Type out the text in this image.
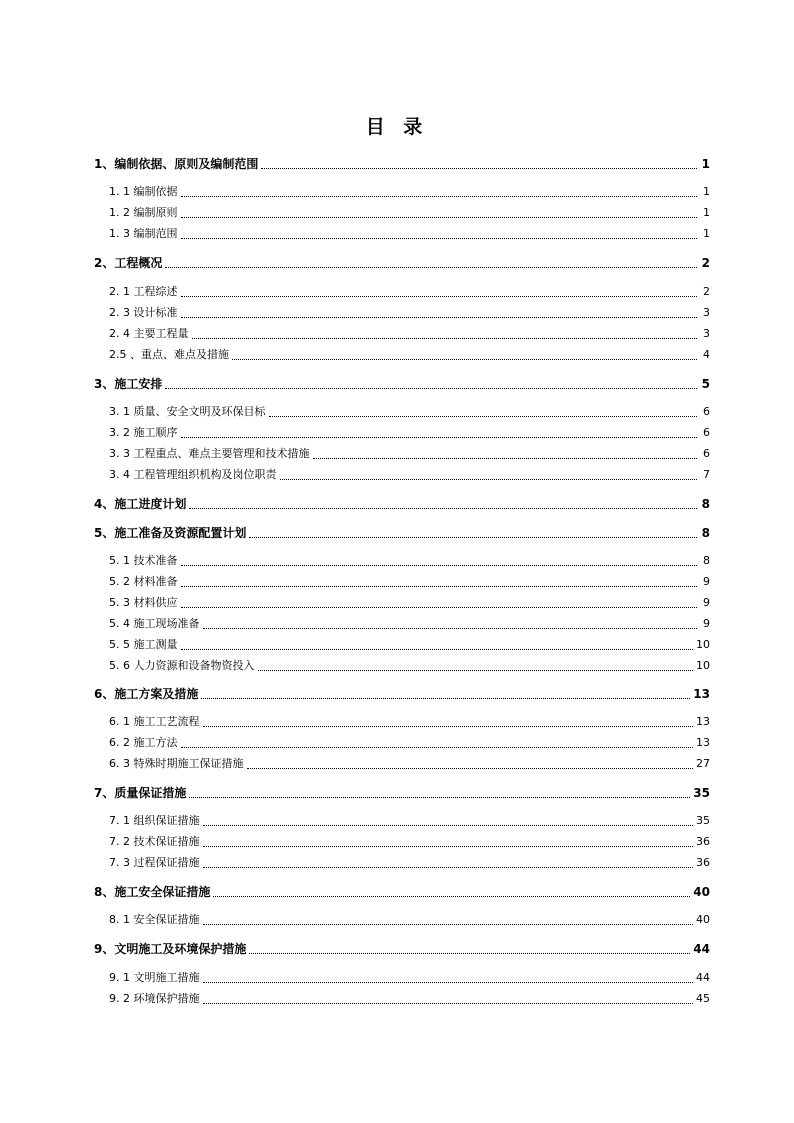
目 录
1、编制依据、原则及编制范围	1
1. 1 编制依据	1
1. 2 编制原则	1
1. 3 编制范围	1
2、工程概况	2
2. 1 工程综述	2
2. 3 设计标准	3
2. 4 主要工程量	3
2.5 、重点、难点及措施	4
3、施工安排	5
3. 1 质量、安全文明及环保目标	6
3. 2 施工顺序	6
3. 3 工程重点、难点主要管理和技术措施	6
3. 4 工程管理组织机构及岗位职责	7
4、施工进度计划	8
5、施工准备及资源配置计划	8
5. 1 技术准备	8
5. 2 材料准备	9
5. 3 材料供应	9
5. 4 施工现场准备	9
5. 5 施工测量	10
5. 6 人力资源和设备物资投入	10
6、施工方案及措施	13
6. 1 施工工艺流程	13
6. 2 施工方法	13
6. 3 特殊时期施工保证措施	27
7、质量保证措施	35
7. 1 组织保证措施	35
7. 2 技术保证措施	36
7. 3 过程保证措施	36
8、施工安全保证措施	40
8. 1 安全保证措施	40
9、文明施工及环境保护措施	44
9. 1 文明施工措施	44
9. 2 环境保护措施	45
